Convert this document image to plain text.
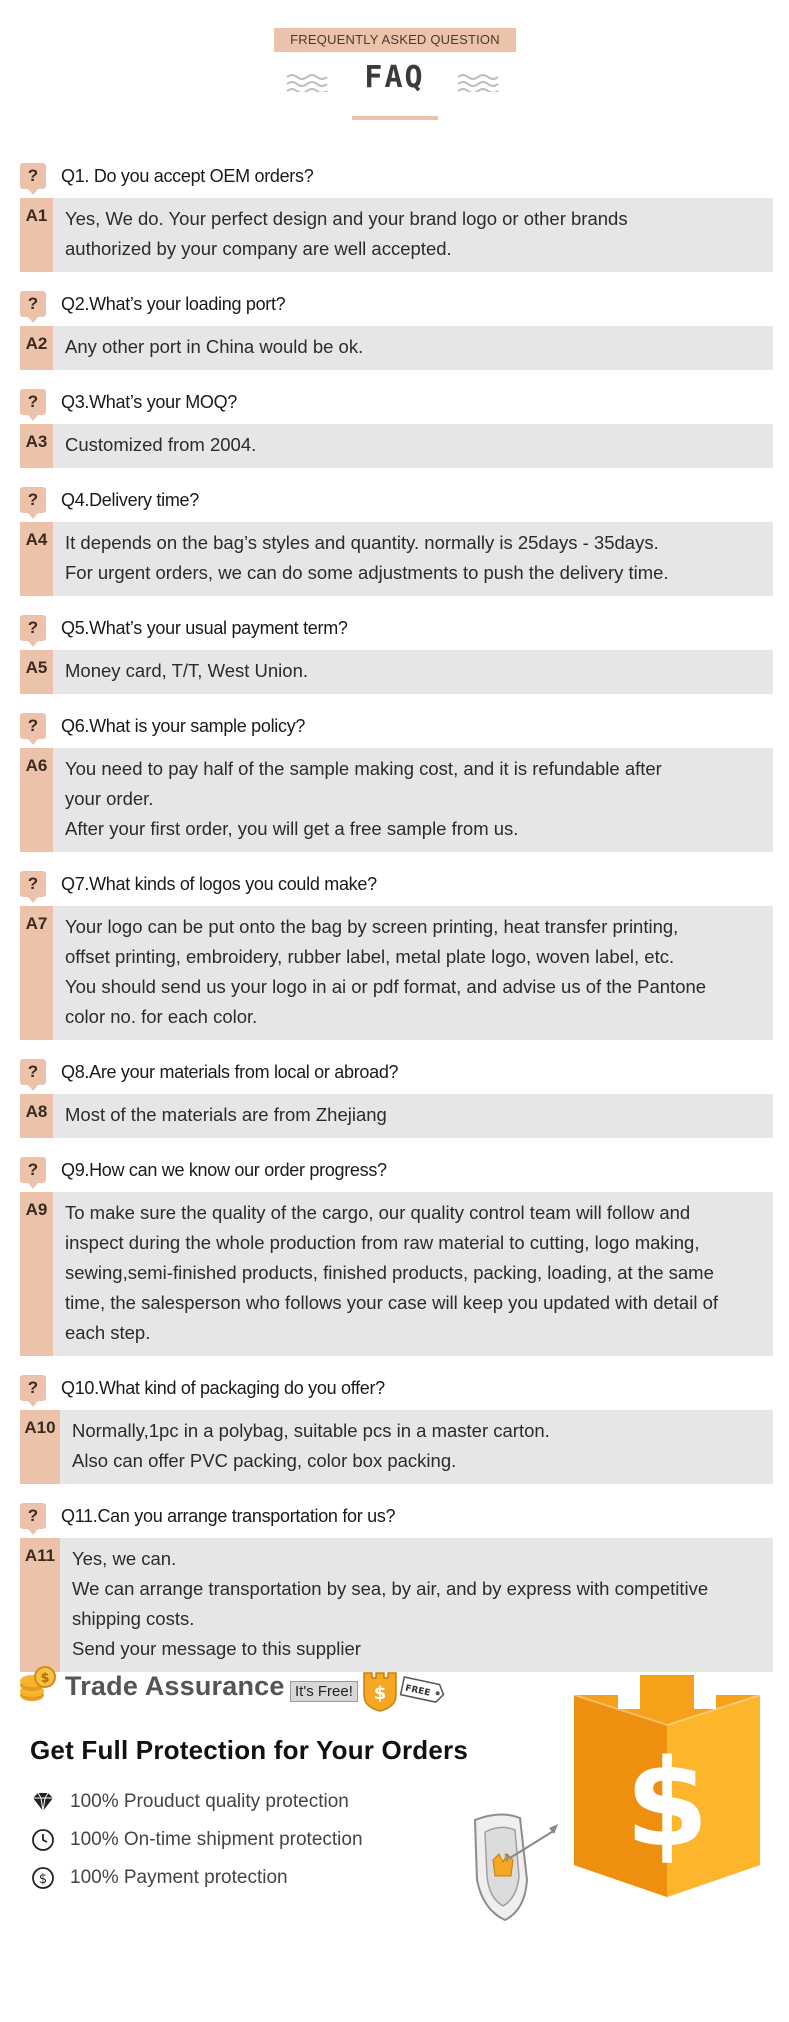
FREQUENTLY ASKED QUESTION
FAQ
?	Q1. Do you accept OEM orders?
A1 Yes, We do. Your perfect design and your brand logo or other brands
authorized by your company are well accepted.
?	Q2.What’s your loading port?
A2 Any other port in China would be ok.
?	Q3.What’s your MOQ?
A3 Customized from 2004.
?	Q4.Delivery time?
A4 It depends on the bag’s styles and quantity. normally is 25days - 35days.
For urgent orders, we can do some adjustments to push the delivery time.
?	Q5.What’s your usual payment term?
A5 Money card, T/T, West Union.
?	Q6.What is your sample policy?
A6 You need to pay half of the sample making cost, and it is refundable after
your order.
After your first order, you will get a free sample from us.
?	Q7.What kinds of logos you could make?
A7 Your logo can be put onto the bag by screen printing, heat transfer printing,
offset printing, embroidery, rubber label, metal plate logo, woven label, etc.
You should send us your logo in ai or pdf format, and advise us of the Pantone
color no. for each color.
?	Q8.Are your materials from local or abroad?
A8 Most of the materials are from Zhejiang
?	Q9.How can we know our order progress?
A9 To make sure the quality of the cargo, our quality control team will follow and
inspect during the whole production from raw material to cutting, logo making,
sewing,semi-finished products, finished products, packing, loading, at the same
time, the salesperson who follows your case will keep you updated with detail of
each step.
?	Q10.What kind of packaging do you offer?
A10 Normally,1pc in a polybag, suitable pcs in a master carton.
Also can offer PVC packing, color box packing.
?	Q11.Can you arrange transportation for us?
A11 Yes, we can.
We can arrange transportation by sea, by air, and by express with competitive
shipping costs.
Send your message to this supplier
$ Trade Assurance It's Free! $ FREE
Get Full Protection for Your Orders
100% Prouduct quality protection
100% On-time shipment protection
$ 100% Payment protection
$
